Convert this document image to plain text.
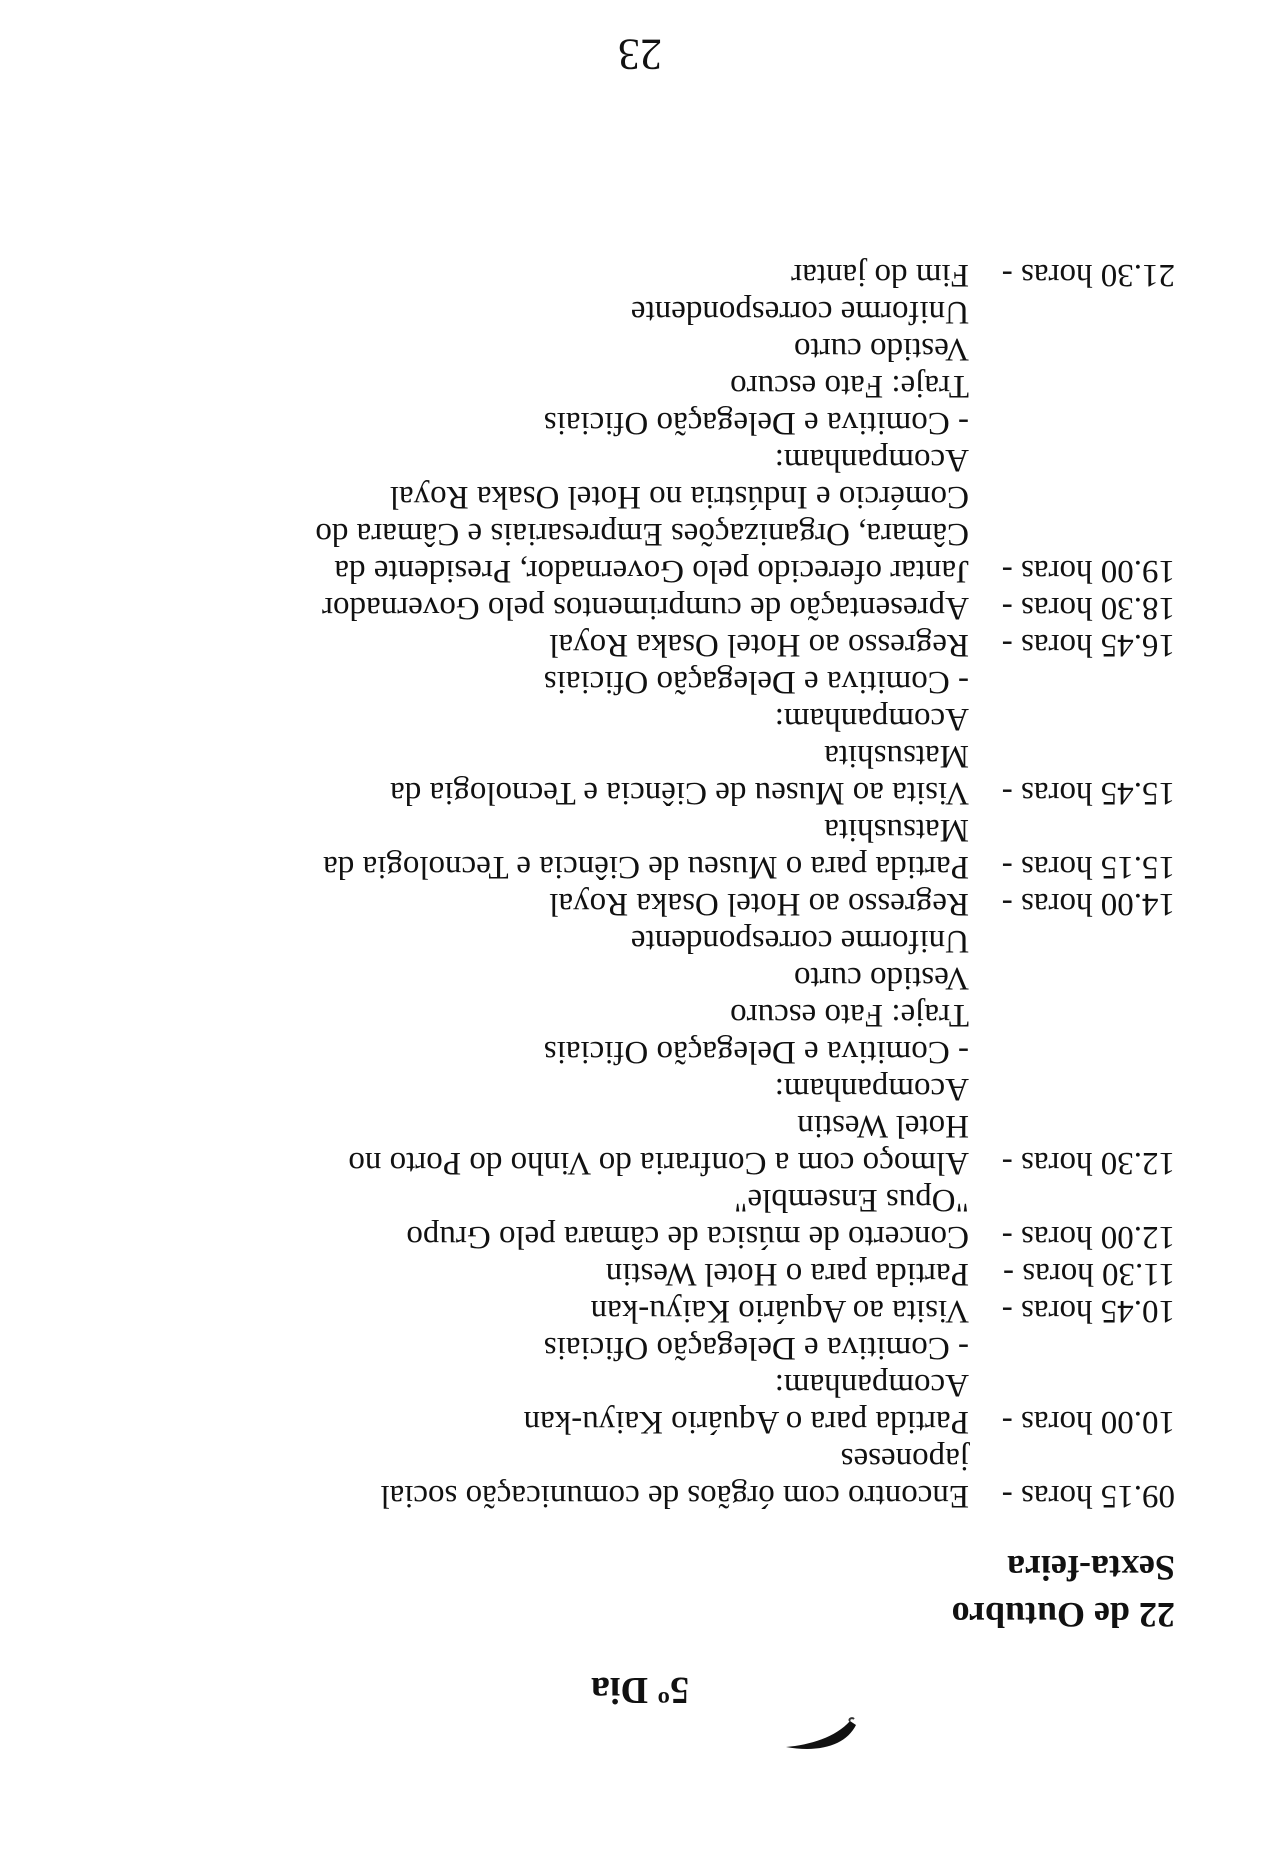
5º Dia
22 de Outubro
Sexta-feira
09.15 horas -
Encontro com órgãos de comunicação social
japoneses
10.00 horas -
Partida para o Aquário Kaiyu-kan
Acompanham:
- Comitiva e Delegação Oficiais
10.45 horas -
Visita ao Aquário Kaiyu-kan
11.30 horas -
Partida para o Hotel Westin
12.00 horas -
Concerto de música de câmara pelo Grupo
"Opus Ensemble"
12.30 horas -
Almoço com a Confraria do Vinho do Porto no
Hotel Westin
Acompanham:
- Comitiva e Delegação Oficiais
Traje: Fato escuro
Vestido curto
Uniforme correspondente
14.00 horas -
Regresso ao Hotel Osaka Royal
15.15 horas -
Partida para o Museu de Ciência e Tecnologia da
Matsushita
15.45 horas -
Visita ao Museu de Ciência e Tecnologia da
Matsushita
Acompanham:
- Comitiva e Delegação Oficiais
16.45 horas -
Regresso ao Hotel Osaka Royal
18.30 horas -
Apresentação de cumprimentos pelo Governador
19.00 horas -
Jantar oferecido pelo Governador, Presidente da
Câmara, Organizações Empresariais e Câmara do
Comércio e Indústria no Hotel Osaka Royal
Acompanham:
- Comitiva e Delegação Oficiais
Traje: Fato escuro
Vestido curto
Uniforme correspondente
21.30 horas -
Fim do jantar
23
